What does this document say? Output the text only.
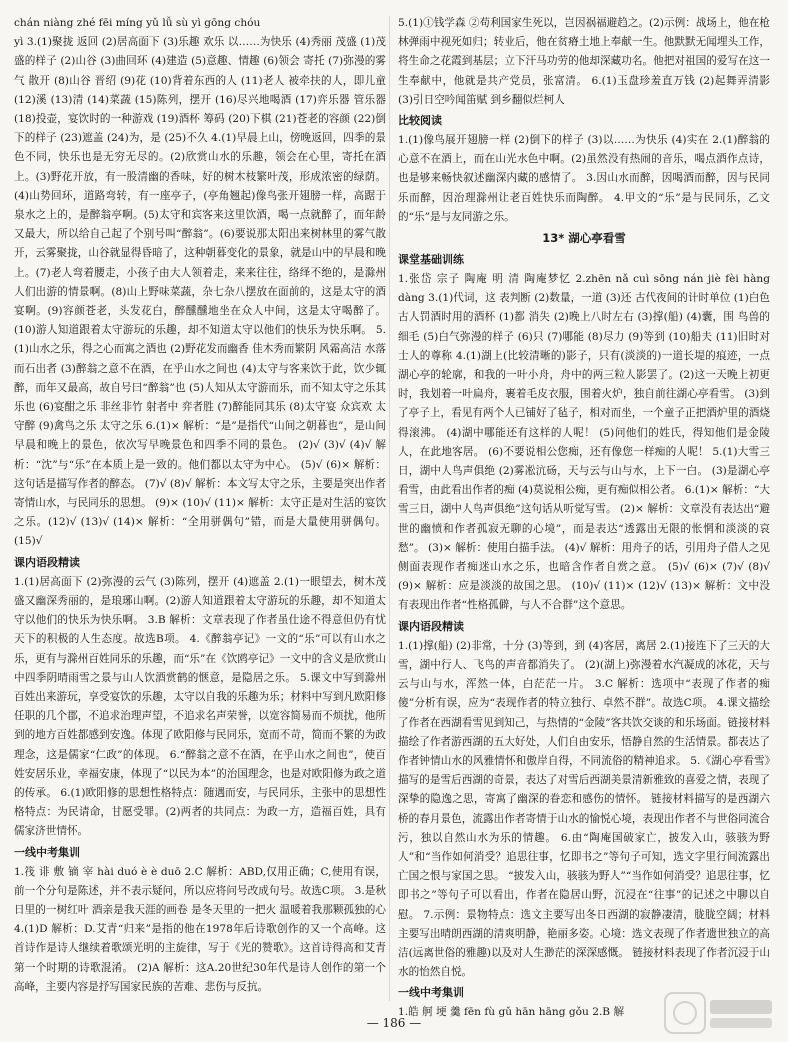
chán niàng zhé fēi míng yǔ lǚ sù yì gōng chóu

yì 3.(1)聚拢 返回 (2)居高面下 (3)乐趣 欢乐 以……为快乐 (4)秀丽 茂盛 (1)茂盛的样子 (2)山谷 (3)曲回环 (4)建造 (5)意趣、情趣 (6)领会 寄托 (7)弥漫的雾气 散开 (8)山谷 晋绍 (9)花 (10)背着东西的人 (11)老人 被牵扶的人，即儿童 (12)溪 (13)清 (14)菜蔬 (15)陈列，摆开 (16)尽兴地喝酒 (17)弈乐器 管乐器 (18)投壶，宴饮时的一种游戏 (19)酒杯 筹码 (20)下棋 (21)苍老的容颜 (22)倒下的样子 (23)遮盖 (24)为，是 (25)不久 4.(1)早晨上山，傍晚返回，四季的景色不同，快乐也是无穷无尽的。(2)欣赏山水的乐趣，领会在心里，寄托在酒上。(3)野花开放，有一股清幽的香味，好的树木枝繁叶茂，形成浓密的绿荫。(4)山势回环，道路弯转，有一座亭子，(亭角翘起)像鸟张开翅膀一样，高踞于泉水之上的，是醉翁亭啊。(5)太守和宾客来这里饮酒，喝一点就醉了，而年龄又最大，所以给自己起了个别号叫“醉翁”。(6)要说那太阳出来树林里的雾气散开，云雾聚拢，山谷就显得昏暗了，这种朝暮变化的景象，就是山中的早晨和晚上。(7)老人弯着腰走，小孩子由大人领着走，来来往往，络绎不绝的，是滁州人们出游的情景啊。(8)山上野味菜蔬，杂七杂八摆放在面前的，这是太守的酒宴啊。(9)容颜苍老，头发花白，醉醺醺地坐在众人中间，这是太守喝醉了。(10)游人知道跟着太守游玩的乐趣，却不知道太守以他们的快乐为快乐啊。 5.(1)山水之乐，得之心而寓之酒也 (2)野花发而幽香 佳木秀而繁阴 风霜高洁 水落而石出者 (3)醉翁之意不在酒，在乎山水之间也 (4)太守与客来饮于此，饮少辄醉，而年又最高，故自号曰“醉翁”也 (5)人知从太守游而乐，而不知太守之乐其乐也 (6)宴酣之乐 非丝非竹 射者中 弈者胜 (7)醉能同其乐 (8)太守宴 众宾欢 太守醉 (9)禽鸟之乐 太守之乐 6.(1)× 解析：“是”是指代“山间之朝暮也”，是山间早晨和晚上的景色，依次写早晚景色和四季不同的景色。 (2)√ (3)√ (4)√ 解析：“沈”与“乐”在本质上是一致的。他们都以太守为中心。 (5)√ (6)× 解析：这句话是描写作者的醉态。 (7)√ (8)√ 解析：本文写太守之乐，主要是突出作者寄情山水，与民同乐的思想。 (9)× (10)√ (11)× 解析：太守正是对生活的宴饮之乐。(12)√ (13)√ (14)× 解析：“全用骈偶句”错，而是大量使用骈偶句。 (15)√

课内语段精读

1.(1)居高面下 (2)弥漫的云气 (3)陈列，摆开 (4)遮盖 2.(1)一眼望去，树木茂盛又幽深秀丽的，是琅琊山啊。(2)游人知道跟着太守游玩的乐趣，却不知道太守以他们的快乐为快乐啊。 3.B 解析：文章表现了作者虽仕途不得意但仍有忧天下的积极的人生态度。故选B项。 4.《醉翁亭记》一文的“乐”可以有山水之乐，更有与滁州百姓同乐的乐趣，而“乐”在《饮鸥亭记》一文中的含义是欣赏山中四季阴晴雨雪之景与山人饮酒赏鹤的惬意，是隐居之乐。 5.课文中写到滁州百姓出来游玩，享受宴饮的乐趣，太守以自我的乐趣为乐；材料中写到凡欧阳修任职的几个郡，不追求治理声望，不追求名声荣誉，以宽容简易而不烦扰，他所到的地方百姓都感到安逸。体现了欧阳修与民同乐，宽而不苛，简而不繁的为政理念，这是儒家“仁政”的体现。 6.“醉翁之意不在酒，在乎山水之间也”，使百姓安居乐业，幸福安康，体现了“以民为本”的治国理念，也是对欧阳修为政之道的传承。 6.(1)欧阳修的思想性格特点：随遇而安，与民同乐，主张中的思想性格特点：为民请命，甘愿受罪。(2)两者的共同点：为政一方，造福百姓，具有儒家济世情怀。

一线中考集训

1.筏 诽 敷 镝 宰 hài duó è è duō 2.C 解析：ABD,仅用正确；C,使用有误，前一个分句是陈述，并不表示疑问，所以应将问号改成句号。故选C项。 3.是秋日里的一树红叶 酒亲是我天涯的画卷 是冬天里的一把火 温暖着我那颗孤独的心 4.(1)D 解析：D.艾青“归来”是指的他在1978年后诗歌创作的又一个高峰。这首诗作是诗人继续着歌颂光明的主旋律，写于《光的赞歌》。这首诗得高和艾青第一个时期的诗歌混淆。 (2)A 解析：这A.20世纪30年代是诗人创作的第一个高峰，主要内容是抒写国家民族的苦难、悲伤与反抗。

5.(1)①钱学森 ②苟利国家生死以，岂因祸福避趋之。(2)示例：战场上，他在枪林弹雨中视死如归；转业后，他在贫瘠土地上奉献一生。他默默无闻埋头工作，将生命之花霞到基层；立下汗马功劳的他却深藏功名。他把对祖国的爱写在这一生奉献中，他就是共产党员，张富清。 6.(1)玉盘珍羞直万钱 (2)起舞弄清影 (3)引日空吟闻笛赋 到乡翻似烂柯人

比较阅读

1.(1)像鸟展开翅膀一样 (2)倒下的样子 (3)以……为快乐 (4)实在 2.(1)醉翁的心意不在酒上，而在山光水色中啊。(2)虽然没有热闹的音乐，喝点酒作点诗，也是够来畅快叙述幽深内藏的感情了。 3.因山水而醉，因喝酒而醉，因与民同乐而醉，因治理滁州让老百姓快乐而陶醉。 4.甲文的“乐”是与民同乐，乙文的“乐”是与友同游之乐。

13* 湖心亭看雪
课堂基础训练

1.张岱 宗子 陶庵 明 清 陶庵梦忆 2.zhēn nǎ cuì sōng nán jiè fèi hàng dàng 3.(1)代词，这 表判断 (2)数量，一道 (3)还 古代夜间的计时单位 (1)白色 古人罚酒时用的酒杯 (1)都 消失 (2)晚上八时左右 (3)撑(船) (4)囊，围 鸟兽的细毛 (5)白气弥漫的样子 (6)只 (7)哪能 (8)尽力 (9)等到 (10)船夫 (11)旧时对士人的尊称 4.(1)湖上(比较清晰的)影子，只有(淡淡的)一道长堤的痕迹，一点湖心亭的轮廓，和我的一叶小舟，舟中的两三粒人影罢了。(2)这一天晚上初更时，我划着一叶扁舟，裹着毛皮衣服，围着火炉，独自前往湖心亭看雪。 (3)到了亭子上，看见有两个人已铺好了毡子，相对而坐，一个童子正把酒炉里的酒烧得滚沸。 (4)湖中哪能还有这样的人呢！ (5)问他们的姓氏，得知他们是金陵人，在此地客居。 (6)不要说相公您痴，还有像您一样痴的人呢！ 5.(1)大雪三日，湖中人鸟声俱绝 (2)雾凇沆砀，天与云与山与水，上下一白。 (3)是湖心亭看雪，由此看出作者的痴 (4)莫说相公痴，更有痴似相公者。 6.(1)× 解析：“大雪三日，湖中人鸟声俱绝”这句话从听觉写雪。 (2)× 解析：文章没有表达出“避世的幽愤和作者孤寂无聊的心境”，而是表达“透露出无限的怅惘和淡淡的哀愁”。 (3)× 解析：使用白描手法。 (4)√ 解析：用舟子的话，引用舟子借人之见侧面表现作者痴迷山水之乐，也暗含作者自赏之意。 (5)√ (6)× (7)√ (8)√ (9)× 解析：应是淡淡的故国之思。 (10)√ (11)× (12)√ (13)× 解析：文中没有表现出作者“性格孤僻，与人不合群”这个意思。

课内语段精读

1.(1)撑(船) (2)非常，十分 (3)等到，到 (4)客居，离居 2.(1)接连下了三天的大雪，湖中行人、飞鸟的声音都消失了。 (2)(湖上)弥漫着水汽凝成的冰花，天与云与山与水，浑然一体，白茫茫一片。 3.C 解析：选项中“表现了作者的痴傻”分析有误，应为“表现作者的特立独行、卓然不群”。故选C项。 4.课文描绘了作者在西湖看雪见到知己，与热情的“金陵”客共饮交谈的和乐场面。链接材料描绘了作者游西湖的五大好处，人们自由安乐，悟静自然的生活情景。都表达了作者钟情山水的风雅情怀和傲岸自得，不同流俗的精神追求。 5.《湖心亭看雪》描写的是雪后西湖的奇景，表达了对雪后西湖美景清新雅致的喜爱之情，表现了深挚的隐逸之思，寄寓了幽深的眷恋和感伤的情怀。 链接材料描写的是西湖六桥的春月景色，流露出作者寄情于山水的愉悦心境，表现出作者不与世俗同流合污，独以自然山水为乐的情趣。 6.由“陶庵国破家亡，披发入山，骇骇为野人”和“当作如何消受？追思往事，忆即书之”等句子可知，选文字里行间流露出亡国之恨与家国之思。 “披发入山，骇骇为野人”“当作如何消受？追思往事，忆即书之”等句子可以看出，作者在隐居山野，沉浸在“往事”的记述之中聊以自慰。 7.示例：景物特点：选文主要写出冬日西湖的寂静凄清，胧胧空阔；材料主要写出晴朗西湖的清爽明静，艳丽多姿。心境：选文表现了作者遗世独立的高洁(远离世俗的雅趣)以及对人生渺茫的深深感慨。 链接材料表现了作者沉浸于山水的怡然自悦。

一线中考集训

1.皓 舸 埂 羹 fēn fù gǔ hān hāng gǒu 2.B 解

— 186 —
